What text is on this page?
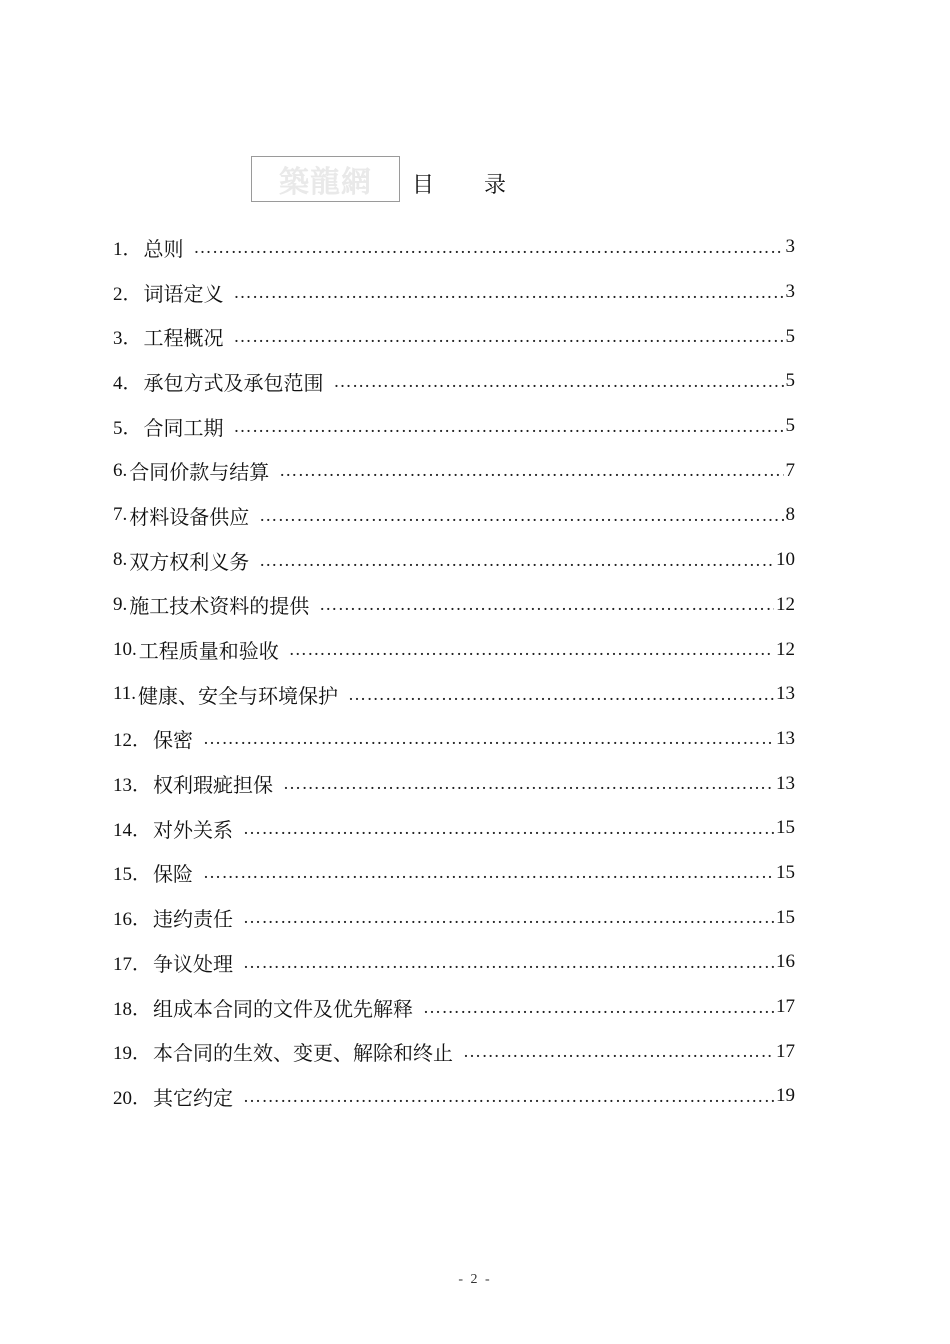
築龍網	目录
1． 总则 ……………………………………………………………………………………………………………………	3
2． 词语定义 ……………………………………………………………………………………………………………………	3
3． 工程概况 ……………………………………………………………………………………………………………………	5
4． 承包方式及承包范围 ……………………………………………………………………………………………………………………	5
5． 合同工期 ……………………………………………………………………………………………………………………	5
6. 合同价款与结算 ……………………………………………………………………………………………………………………	7
7. 材料设备供应 ……………………………………………………………………………………………………………………	8
8. 双方权利义务 ……………………………………………………………………………………………………………………	10
9. 施工技术资料的提供 ……………………………………………………………………………………………………………………	12
10. 工程质量和验收 ……………………………………………………………………………………………………………………	12
11. 健康、安全与环境保护 ……………………………………………………………………………………………………………………	13
12． 保密 ……………………………………………………………………………………………………………………	13
13． 权利瑕疵担保 ……………………………………………………………………………………………………………………	13
14． 对外关系 ……………………………………………………………………………………………………………………	15
15． 保险 ……………………………………………………………………………………………………………………	15
16． 违约责任 ……………………………………………………………………………………………………………………	15
17． 争议处理 ……………………………………………………………………………………………………………………	16
18． 组成本合同的文件及优先解释 ……………………………………………………………………………………………………………………	17
19． 本合同的生效、变更、解除和终止 ……………………………………………………………………………………………………………………	17
20． 其它约定 ……………………………………………………………………………………………………………………	19
- 2 -
